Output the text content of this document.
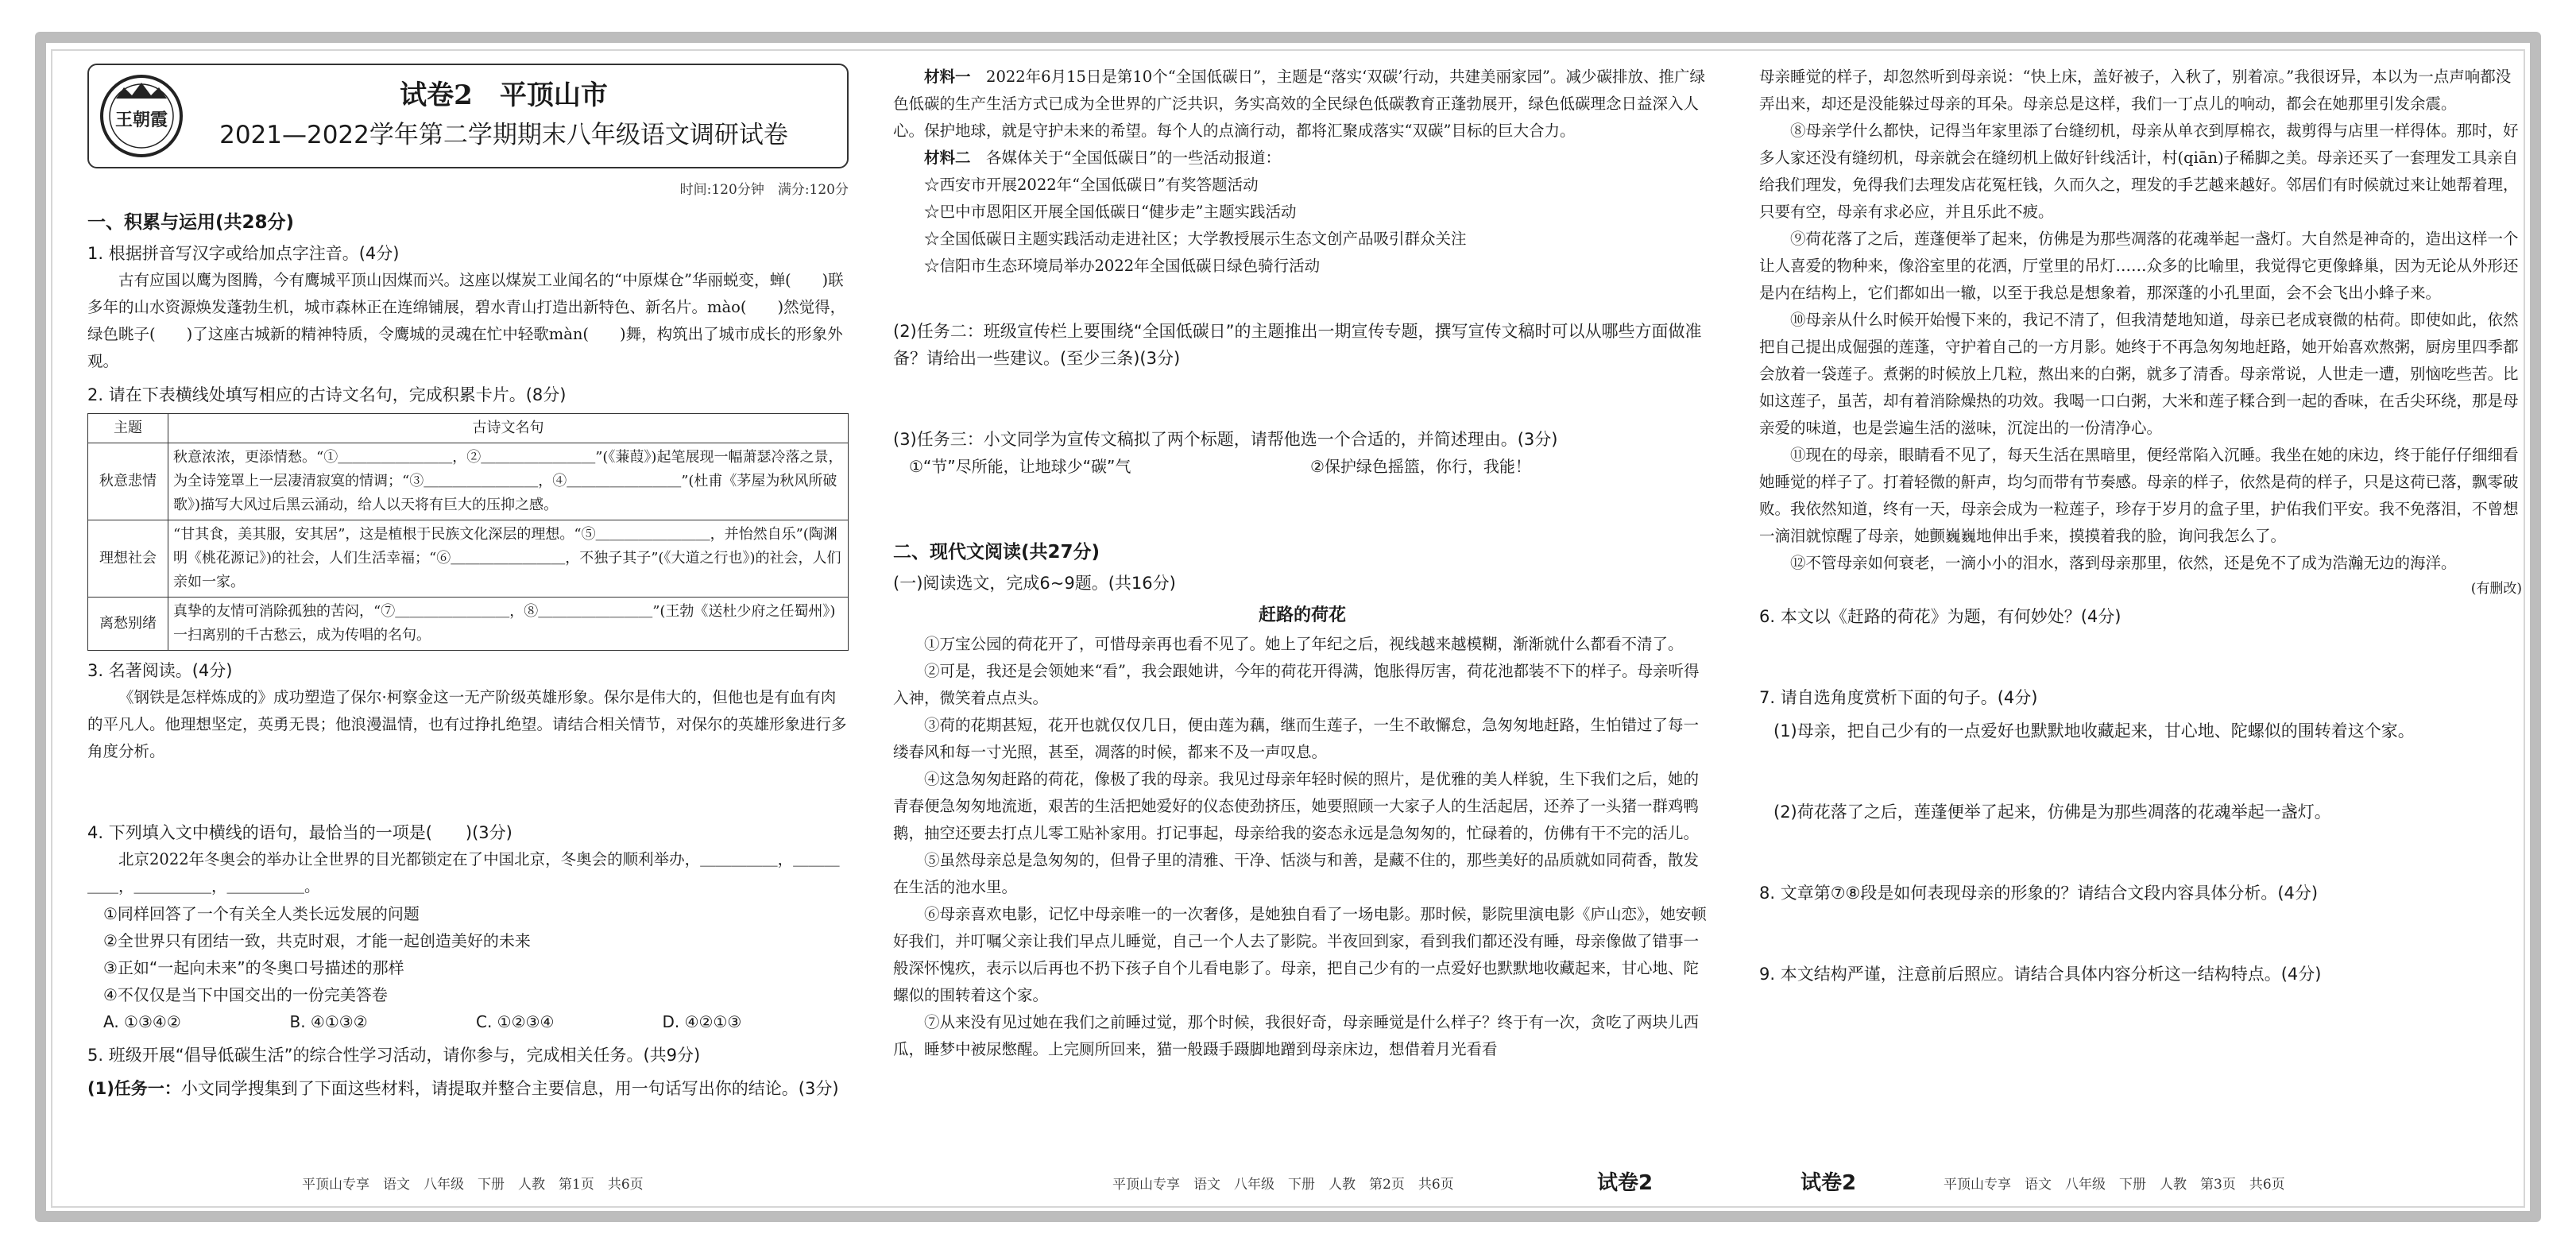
王朝霞
试卷2　平顶山市
2021—2022学年第二学期期末八年级语文调研试卷
时间:120分钟　满分:120分
一、积累与运用(共28分)
1. 根据拼音写汉字或给加点字注音。(4分)

古有应国以鹰为图腾，今有鹰城平顶山因煤而兴。这座以煤炭工业闻名的“中原煤仓”华丽蜕变，蝉(　　)联多年的山水资源焕发蓬勃生机，城市森林正在连绵铺展，碧水青山打造出新特色、新名片。mào(　　)然觉得，绿色眺子(　　)了这座古城新的精神特质，令鹰城的灵魂在忙中轻歌màn(　　)舞，构筑出了城市成长的形象外观。

2. 请在下表横线处填写相应的古诗文名句，完成积累卡片。(8分)
主题	古诗文名句
秋意悲情	秋意浓浓，更添情愁。“①＿＿＿＿＿＿＿＿，②＿＿＿＿＿＿＿＿”(《蒹葭》)起笔展现一幅萧瑟冷落之景，为全诗笼罩上一层凄清寂寞的情调；“③＿＿＿＿＿＿＿＿，④＿＿＿＿＿＿＿＿”(杜甫《茅屋为秋风所破歌》)描写大风过后黑云涌动，给人以天将有巨大的压抑之感。
理想社会	“甘其食，美其服，安其居”，这是植根于民族文化深层的理想。“⑤＿＿＿＿＿＿＿＿，并怡然自乐”(陶渊明《桃花源记》)的社会，人们生活幸福；“⑥＿＿＿＿＿＿＿＿，不独子其子”(《大道之行也》)的社会，人们亲如一家。
离愁别绪	真挚的友情可消除孤独的苦闷，“⑦＿＿＿＿＿＿＿＿，⑧＿＿＿＿＿＿＿＿”(王勃《送杜少府之任蜀州》)一扫离别的千古愁云，成为传唱的名句。
3. 名著阅读。(4分)

《钢铁是怎样炼成的》成功塑造了保尔·柯察金这一无产阶级英雄形象。保尔是伟大的，但他也是有血有肉的平凡人。他理想坚定，英勇无畏；他浪漫温情，也有过挣扎绝望。请结合相关情节，对保尔的英雄形象进行多角度分析。

4. 下列填入文中横线的语句，最恰当的一项是(　　)(3分)

北京2022年冬奥会的举办让全世界的目光都锁定在了中国北京，冬奥会的顺利举办，＿＿＿＿＿，＿＿＿＿＿，＿＿＿＿＿，＿＿＿＿＿。

①同样回答了一个有关全人类长远发展的问题
②全世界只有团结一致，共克时艰，才能一起创造美好的未来
③正如“一起向未来”的冬奥口号描述的那样
④不仅仅是当下中国交出的一份完美答卷
A. ①③④②	B. ④①③②	C. ①②③④	D. ④②①③
5. 班级开展“倡导低碳生活”的综合性学习活动，请你参与，完成相关任务。(共9分)
(1)任务一：小文同学搜集到了下面这些材料，请提取并整合主要信息，用一句话写出你的结论。(3分)
平顶山专享　语文　八年级　下册　人教　第1页　共6页

材料一　 2022年6月15日是第10个“全国低碳日”，主题是“落实‘双碳’行动，共建美丽家园”。减少碳排放、推广绿色低碳的生产生活方式已成为全世界的广泛共识，务实高效的全民绿色低碳教育正蓬勃展开，绿色低碳理念日益深入人心。保护地球，就是守护未来的希望。每个人的点滴行动，都将汇聚成落实“双碳”目标的巨大合力。

材料二　 各媒体关于“全国低碳日”的一些活动报道：

☆西安市开展2022年“全国低碳日”有奖答题活动

☆巴中市恩阳区开展全国低碳日“健步走”主题实践活动

☆全国低碳日主题实践活动走进社区；大学教授展示生态文创产品吸引群众关注

☆信阳市生态环境局举办2022年全国低碳日绿色骑行活动

(2)任务二：班级宣传栏上要围绕“全国低碳日”的主题推出一期宣传专题，撰写宣传文稿时可以从哪些方面做准备？请给出一些建议。(至少三条)(3分)
(3)任务三：小文同学为宣传文稿拟了两个标题，请帮他选一个合适的，并简述理由。(3分)
①“节”尽所能，让地球少“碳”气	②保护绿色摇篮，你行，我能！
二、现代文阅读(共27分)
(一)阅读选文，完成6~9题。(共16分)
赶路的荷花

①万宝公园的荷花开了，可惜母亲再也看不见了。她上了年纪之后，视线越来越模糊，渐渐就什么都看不清了。

②可是，我还是会领她来“看”，我会跟她讲，今年的荷花开得满，饱胀得厉害，荷花池都装不下的样子。母亲听得入神，微笑着点点头。

③荷的花期甚短，花开也就仅仅几日，便由莲为藕，继而生莲子，一生不敢懈怠，急匆匆地赶路，生怕错过了每一缕春风和每一寸光照，甚至，凋落的时候，都来不及一声叹息。

④这急匆匆赶路的荷花，像极了我的母亲。我见过母亲年轻时候的照片，是优雅的美人样貌，生下我们之后，她的青春便急匆匆地流逝，艰苦的生活把她爱好的仪态使劲挤压，她要照顾一大家子人的生活起居，还养了一头猪一群鸡鸭鹅，抽空还要去打点儿零工贴补家用。打记事起，母亲给我的姿态永远是急匆匆的，忙碌着的，仿佛有干不完的活儿。

⑤虽然母亲总是急匆匆的，但骨子里的清雅、干净、恬淡与和善，是藏不住的，那些美好的品质就如同荷香，散发在生活的池水里。

⑥母亲喜欢电影，记忆中母亲唯一的一次奢侈，是她独自看了一场电影。那时候，影院里演电影《庐山恋》，她安顿好我们，并叮嘱父亲让我们早点儿睡觉，自己一个人去了影院。半夜回到家，看到我们都还没有睡，母亲像做了错事一般深怀愧疚，表示以后再也不扔下孩子自个儿看电影了。母亲，把自己少有的一点爱好也默默地收藏起来，甘心地、陀螺似的围转着这个家。

⑦从来没有见过她在我们之前睡过觉，那个时候，我很好奇，母亲睡觉是什么样子？终于有一次，贪吃了两块儿西瓜，睡梦中被尿憋醒。上完厕所回来，猫一般蹑手蹑脚地蹭到母亲床边，想借着月光看看

平顶山专享　语文　八年级　下册　人教　第2页　共6页	试卷2

母亲睡觉的样子，却忽然听到母亲说：“快上床，盖好被子，入秋了，别着凉。”我很讶异，本以为一点声响都没弄出来，却还是没能躲过母亲的耳朵。母亲总是这样，我们一丁点儿的响动，都会在她那里引发余震。

⑧母亲学什么都快，记得当年家里添了台缝纫机，母亲从单衣到厚棉衣，裁剪得与店里一样得体。那时，好多人家还没有缝纫机，母亲就会在缝纫机上做好针线活计，村(qiān)子稀脚之美。母亲还买了一套理发工具亲自给我们理发，免得我们去理发店花冤枉钱，久而久之，理发的手艺越来越好。邻居们有时候就过来让她帮着理，只要有空，母亲有求必应，并且乐此不疲。

⑨荷花落了之后，莲蓬便举了起来，仿佛是为那些凋落的花魂举起一盏灯。大自然是神奇的，造出这样一个让人喜爱的物种来，像浴室里的花洒，厅堂里的吊灯……众多的比喻里，我觉得它更像蜂巢，因为无论从外形还是内在结构上，它们都如出一辙，以至于我总是想象着，那深蓬的小孔里面，会不会飞出小蜂子来。

⑩母亲从什么时候开始慢下来的，我记不清了，但我清楚地知道，母亲已老成衰微的枯荷。即使如此，依然把自己提出成倔强的莲蓬，守护着自己的一方月影。她终于不再急匆匆地赶路，她开始喜欢熬粥，厨房里四季都会放着一袋莲子。煮粥的时候放上几粒，熬出来的白粥，就多了清香。母亲常说，人世走一遭，别恼吃些苦。比如这莲子，虽苦，却有着消除燥热的功效。我喝一口白粥，大米和莲子糅合到一起的香味，在舌尖环绕，那是母亲爱的味道，也是尝遍生活的滋味，沉淀出的一份清净心。

⑪现在的母亲，眼睛看不见了，每天生活在黑暗里，便经常陷入沉睡。我坐在她的床边，终于能仔仔细细看她睡觉的样子了。打着轻微的鼾声，均匀而带有节奏感。母亲的样子，依然是荷的样子，只是这荷已落，飘零破败。我依然知道，终有一天，母亲会成为一粒莲子，珍存于岁月的盒子里，护佑我们平安。我不免落泪，不曾想一滴泪就惊醒了母亲，她颤巍巍地伸出手来，摸摸着我的脸，询问我怎么了。

⑫不管母亲如何衰老，一滴小小的泪水，落到母亲那里，依然，还是免不了成为浩瀚无边的海洋。

(有删改)
6. 本文以《赶路的荷花》为题，有何妙处？(4分)
7. 请自选角度赏析下面的句子。(4分)
(1)母亲，把自己少有的一点爱好也默默地收藏起来，甘心地、陀螺似的围转着这个家。
(2)荷花落了之后，莲蓬便举了起来，仿佛是为那些凋落的花魂举起一盏灯。
8. 文章第⑦⑧段是如何表现母亲的形象的？请结合文段内容具体分析。(4分)
9. 本文结构严谨，注意前后照应。请结合具体内容分析这一结构特点。(4分)
试卷2	平顶山专享　语文　八年级　下册　人教　第3页　共6页
